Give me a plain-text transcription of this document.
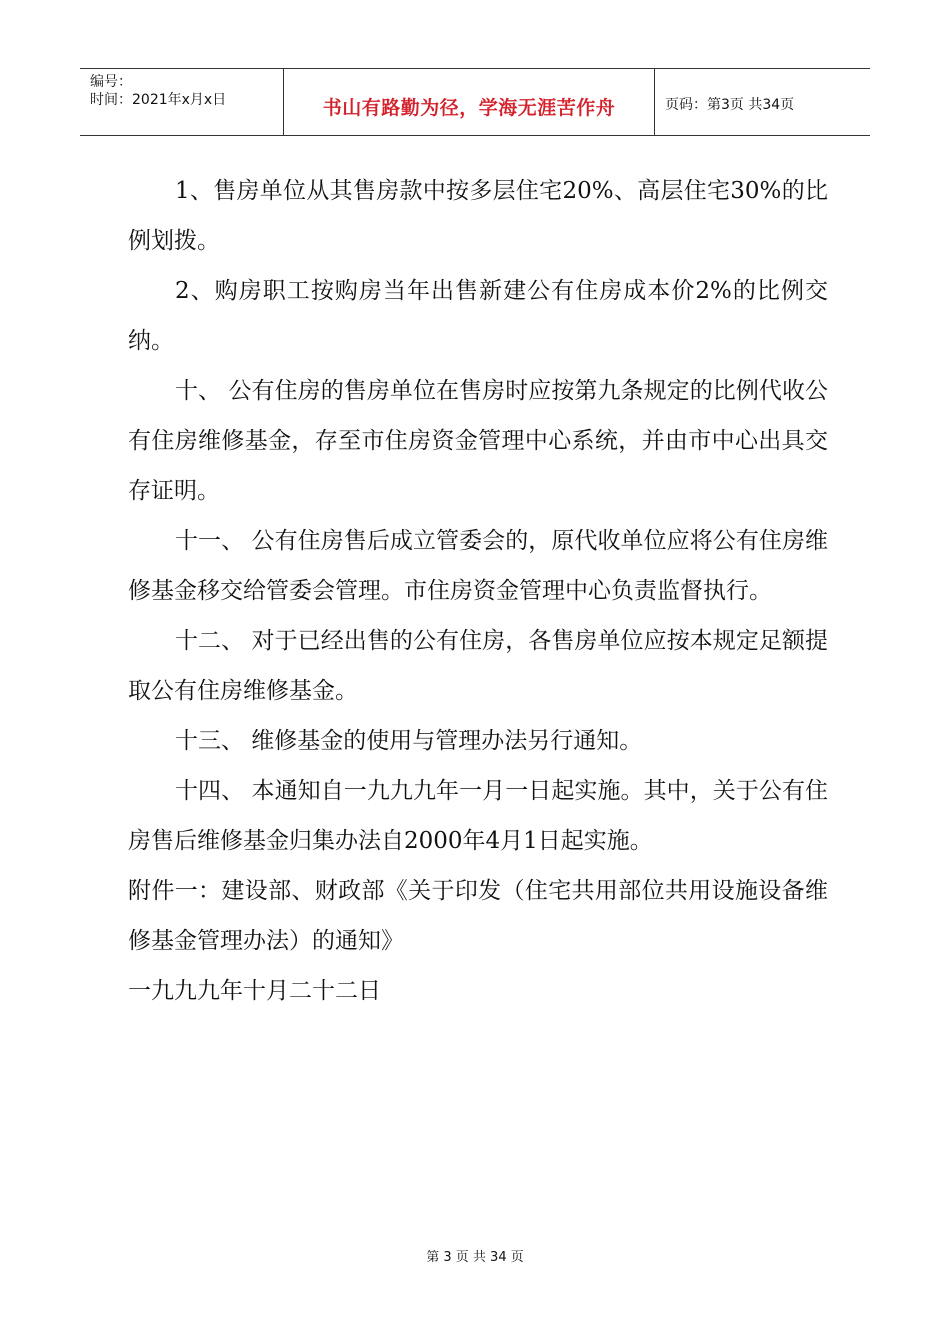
编号：
时间：2021年x月x日	书山有路勤为径，学海无涯苦作舟	页码：第3页 共34页

1、售房单位从其售房款中按多层住宅20%、高层住宅30%的比例划拨。

2、购房职工按购房当年出售新建公有住房成本价2%的比例交纳。

十、 公有住房的售房单位在售房时应按第九条规定的比例代收公有住房维修基金，存至市住房资金管理中心系统，并由市中心出具交存证明。

十一、 公有住房售后成立管委会的，原代收单位应将公有住房维修基金移交给管委会管理。市住房资金管理中心负责监督执行。

十二、 对于已经出售的公有住房，各售房单位应按本规定足额提取公有住房维修基金。

十三、 维修基金的使用与管理办法另行通知。

十四、 本通知自一九九九年一月一日起实施。其中，关于公有住房售后维修基金归集办法自2000年4月1日起实施。

附件一：建设部、财政部《关于印发（住宅共用部位共用设施设备维修基金管理办法）的通知》

一九九九年十月二十二日

第 3 页 共 34 页
